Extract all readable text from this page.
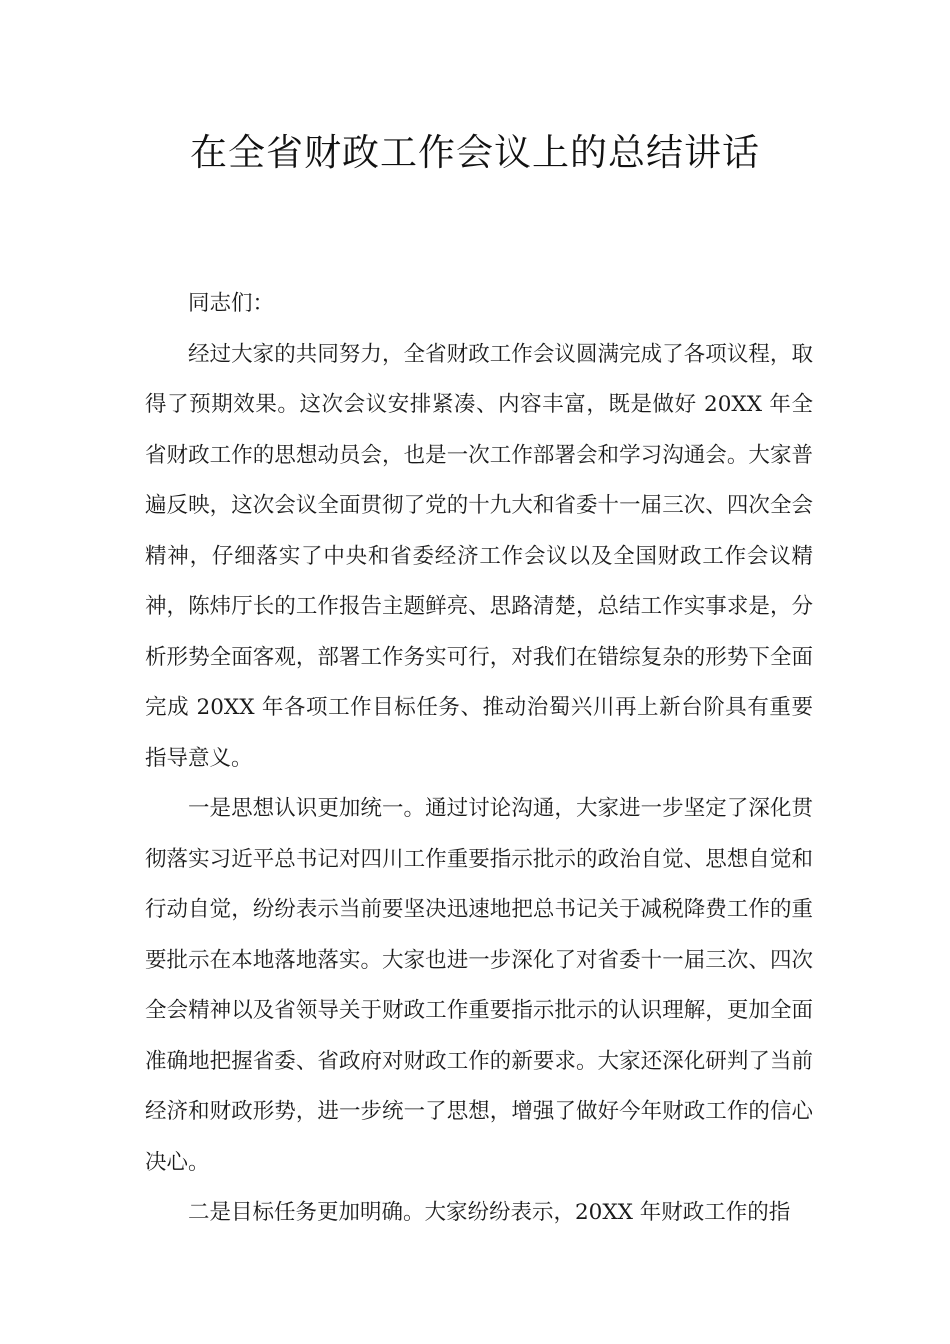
在全省财政工作会议上的总结讲话

同志们：

经过大家的共同努力，全省财政工作会议圆满完成了各项议程，取得了预期效果。这次会议安排紧凑、内容丰富，既是做好 20XX 年全省财政工作的思想动员会，也是一次工作部署会和学习沟通会。大家普遍反映，这次会议全面贯彻了党的十九大和省委十一届三次、四次全会精神，仔细落实了中央和省委经济工作会议以及全国财政工作会议精神，陈炜厅长的工作报告主题鲜亮、思路清楚，总结工作实事求是，分析形势全面客观，部署工作务实可行，对我们在错综复杂的形势下全面完成 20XX 年各项工作目标任务、推动治蜀兴川再上新台阶具有重要指导意义。

一是思想认识更加统一。通过讨论沟通，大家进一步坚定了深化贯彻落实习近平总书记对四川工作重要指示批示的政治自觉、思想自觉和行动自觉，纷纷表示当前要坚决迅速地把总书记关于减税降费工作的重要批示在本地落地落实。大家也进一步深化了对省委十一届三次、四次全会精神以及省领导关于财政工作重要指示批示的认识理解，更加全面准确地把握省委、省政府对财政工作的新要求。大家还深化研判了当前经济和财政形势，进一步统一了思想，增强了做好今年财政工作的信心决心。

二是目标任务更加明确。大家纷纷表示，20XX 年财政工作的指
